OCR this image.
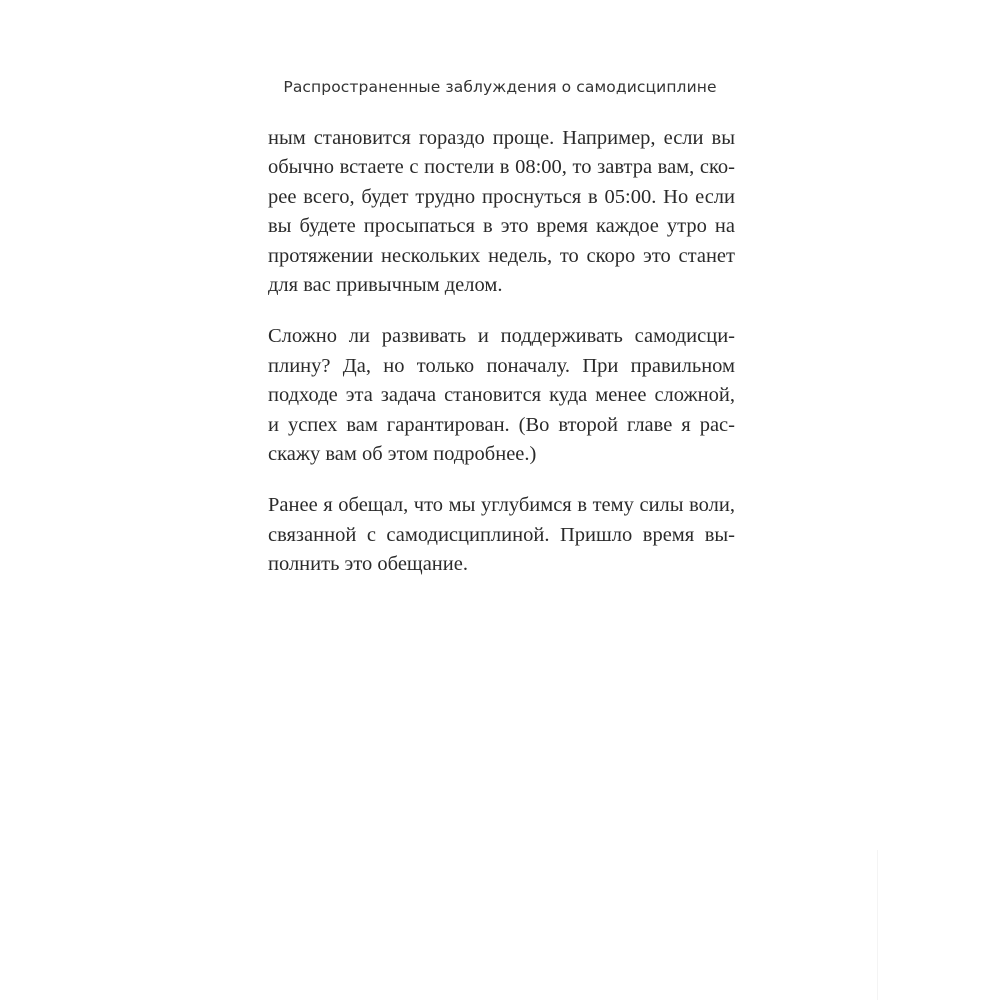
Распространенные заблуждения о самодисциплине
ным становится гораздо проще. Например, если вы
обычно встаете с постели в 08:00, то завтра вам, ско-
рее всего, будет трудно проснуться в 05:00. Но если
вы будете просыпаться в это время каждое утро на
протяжении нескольких недель, то скоро это станет
для вас привычным делом.
Сложно ли развивать и поддерживать самодисци-
плину? Да, но только поначалу. При правильном
подходе эта задача становится куда менее сложной,
и успех вам гарантирован. (Во второй главе я рас-
скажу вам об этом подробнее.)
Ранее я обещал, что мы углубимся в тему силы воли,
связанной с самодисциплиной. Пришло время вы-
полнить это обещание.
